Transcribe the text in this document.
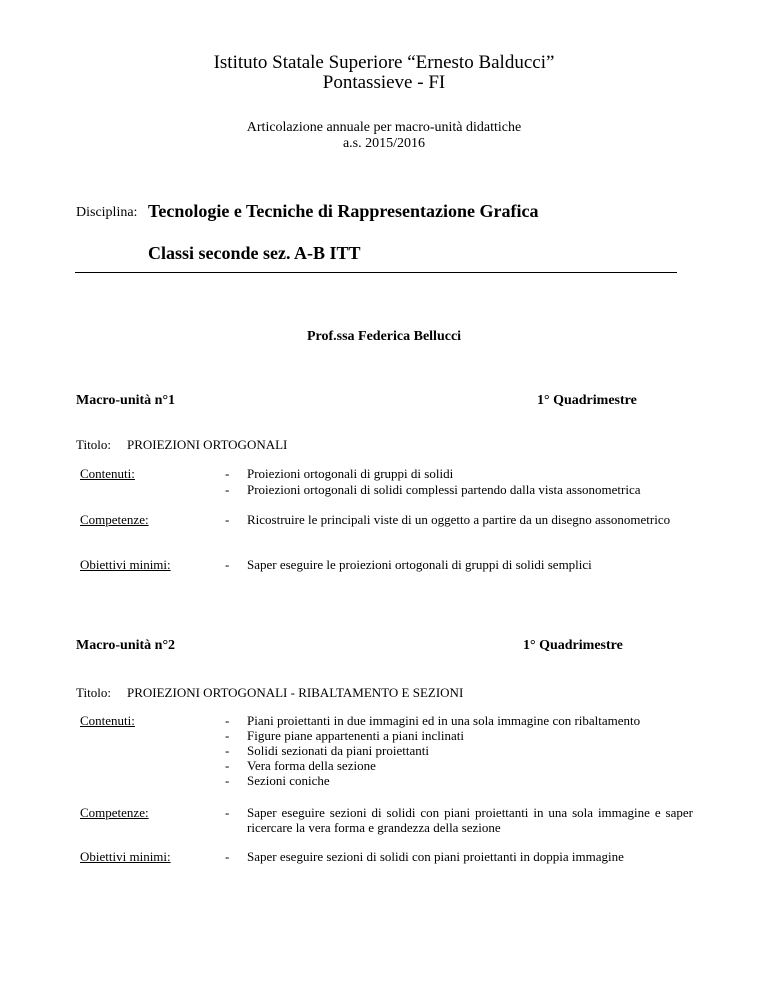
Istituto Statale Superiore “Ernesto Balducci”
Pontassieve - FI
Articolazione annuale per macro-unità didattiche
a.s. 2015/2016
Disciplina: Tecnologie e Tecniche di Rappresentazione Grafica
Classi seconde sez. A-B ITT
Prof.ssa Federica Bellucci
Macro-unità n°1	1° Quadrimestre
Titolo: PROIEZIONI ORTOGONALI
Contenuti:	- Proiezioni ortogonali di gruppi di solidi
- Proiezioni ortogonali di solidi complessi partendo dalla vista assonometrica
Competenze:	- Ricostruire le principali viste di un oggetto a partire da un disegno assonometrico
Obiettivi minimi:	- Saper eseguire le proiezioni ortogonali di gruppi di solidi semplici
Macro-unità n°2	1° Quadrimestre
Titolo: PROIEZIONI ORTOGONALI - RIBALTAMENTO E SEZIONI
Contenuti:	- Piani proiettanti in due immagini ed in una sola immagine con ribaltamento
- Figure piane appartenenti a piani inclinati
- Solidi sezionati da piani proiettanti
- Vera forma della sezione
- Sezioni coniche
Competenze:	- Saper eseguire sezioni di solidi con piani proiettanti in una sola immagine e saper ricercare la vera forma e grandezza della sezione
Obiettivi minimi:	- Saper eseguire sezioni di solidi con piani proiettanti in doppia immagine
